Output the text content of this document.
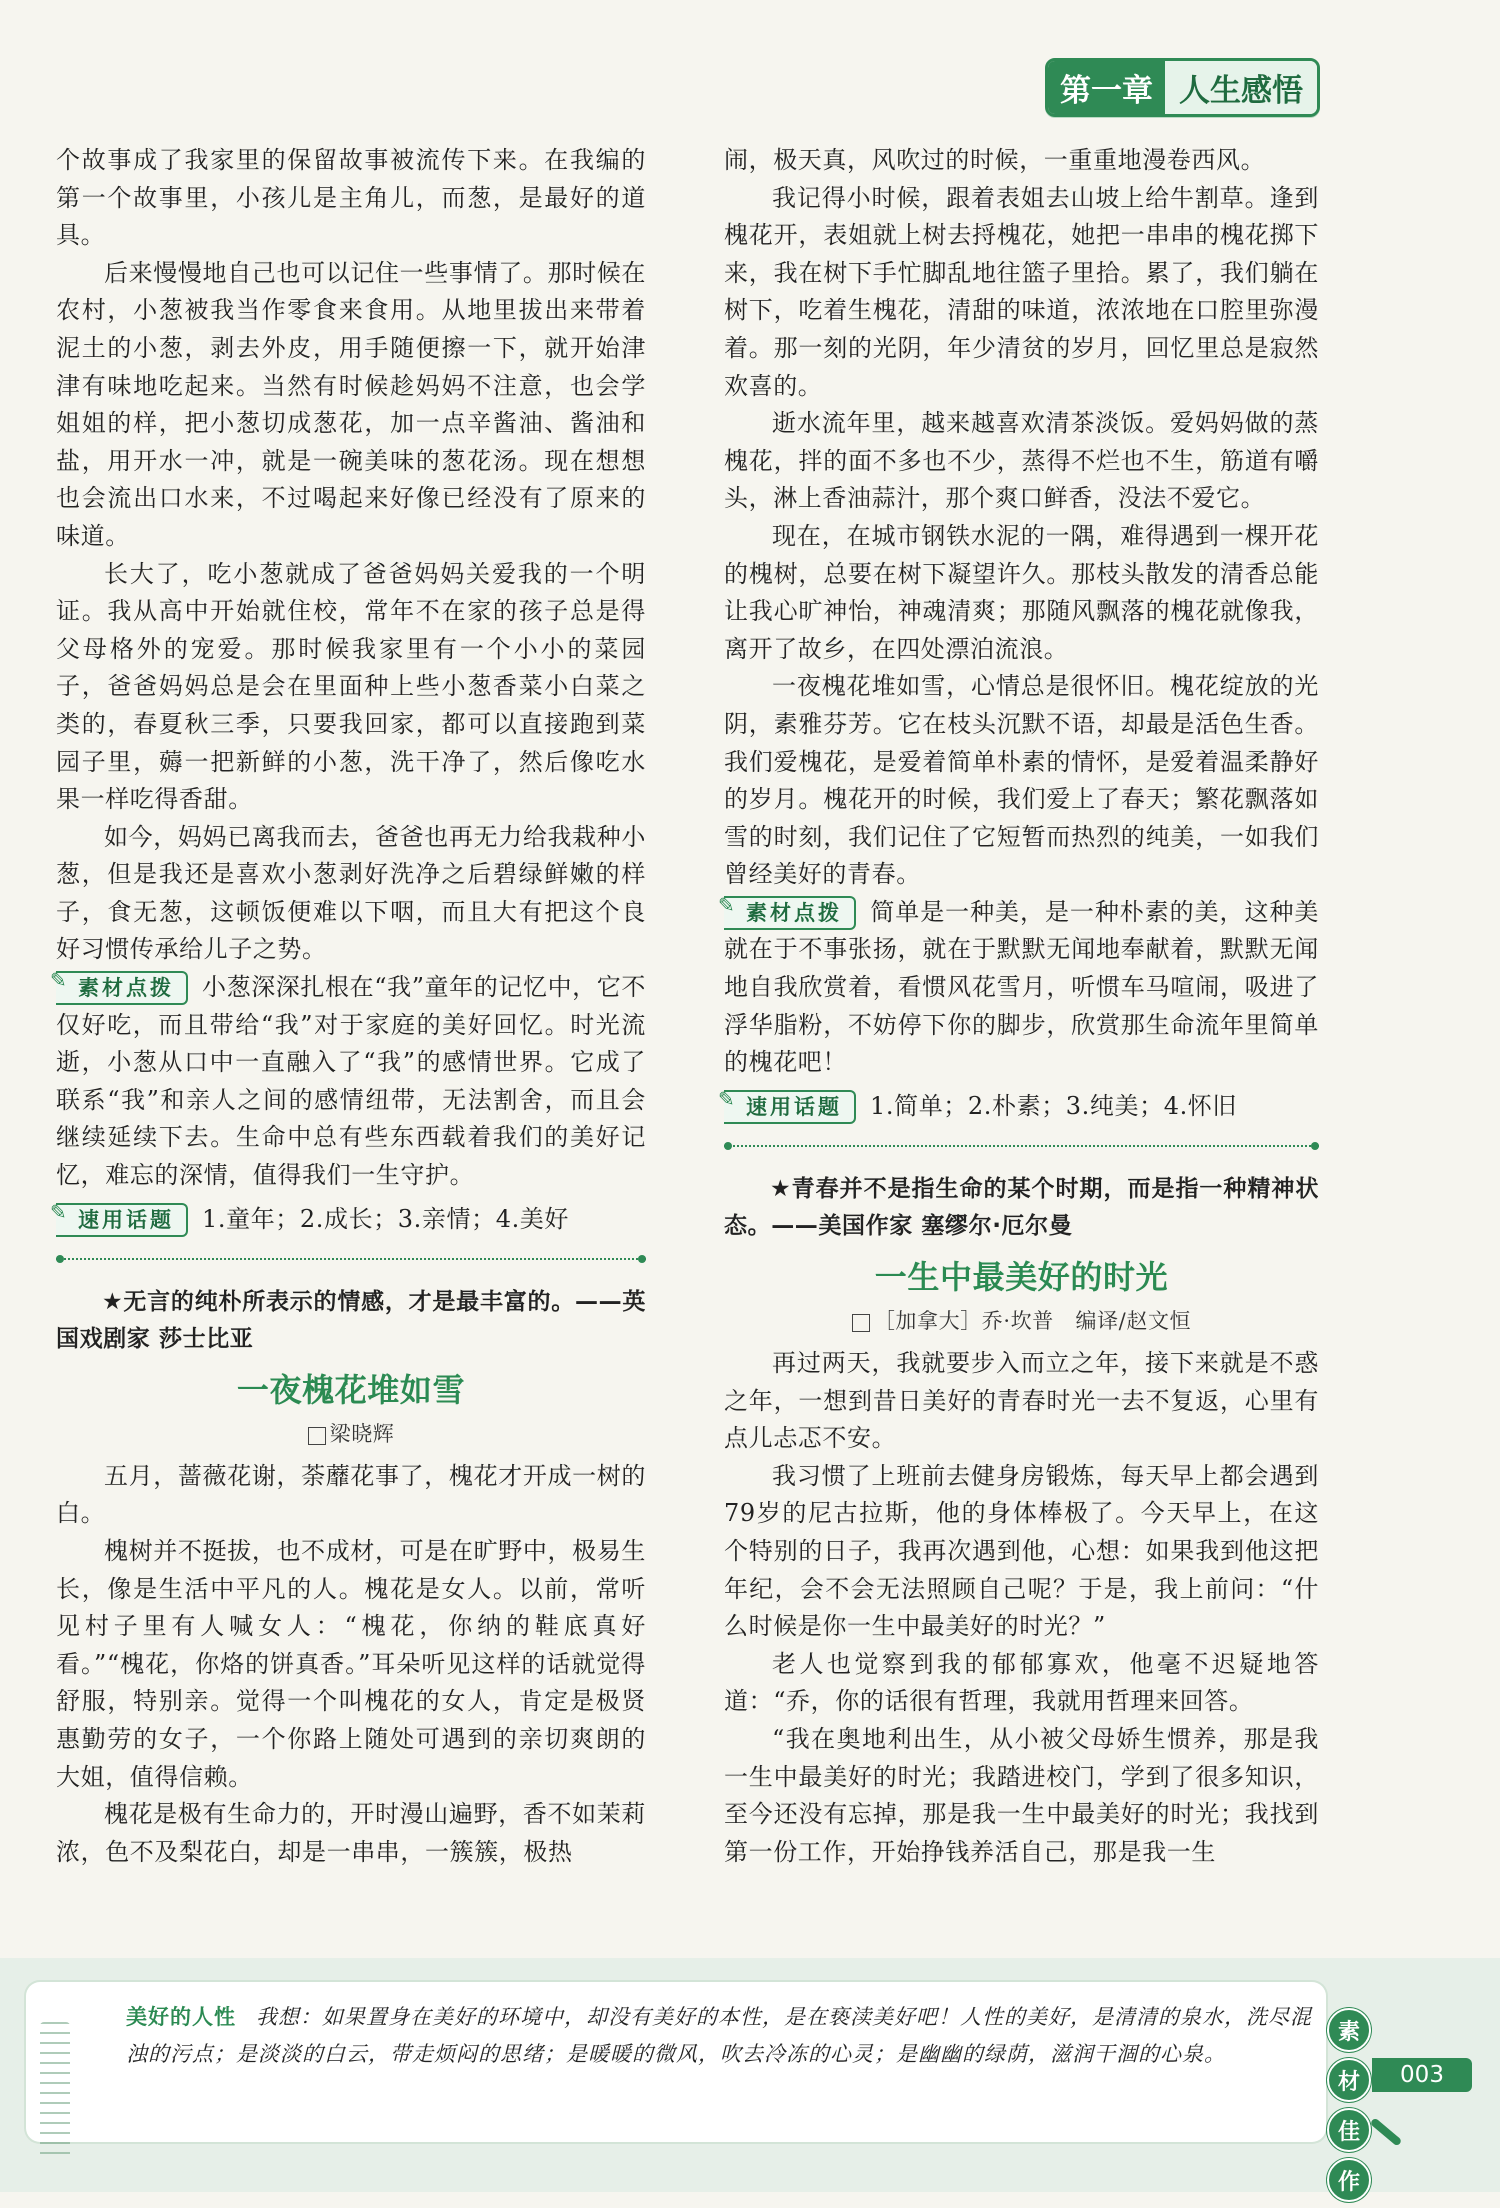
第一章 人生感悟

个故事成了我家里的保留故事被流传下来。在我编的第一个故事里，小孩儿是主角儿，而葱，是最好的道具。

后来慢慢地自己也可以记住一些事情了。那时候在农村，小葱被我当作零食来食用。从地里拔出来带着泥土的小葱，剥去外皮，用手随便擦一下，就开始津津有味地吃起来。当然有时候趁妈妈不注意，也会学姐姐的样，把小葱切成葱花，加一点辛酱油、酱油和盐，用开水一冲，就是一碗美味的葱花汤。现在想想也会流出口水来，不过喝起来好像已经没有了原来的味道。

长大了，吃小葱就成了爸爸妈妈关爱我的一个明证。我从高中开始就住校，常年不在家的孩子总是得父母格外的宠爱。那时候我家里有一个小小的菜园子，爸爸妈妈总是会在里面种上些小葱香菜小白菜之类的，春夏秋三季，只要我回家，都可以直接跑到菜园子里，薅一把新鲜的小葱，洗干净了，然后像吃水果一样吃得香甜。

如今，妈妈已离我而去，爸爸也再无力给我栽种小葱，但是我还是喜欢小葱剥好洗净之后碧绿鲜嫩的样子，食无葱，这顿饭便难以下咽，而且大有把这个良好习惯传承给儿子之势。

✎ 素材点拨 小葱深深扎根在“我”童年的记忆中，它不仅好吃，而且带给“我”对于家庭的美好回忆。时光流逝，小葱从口中一直融入了“我”的感情世界。它成了联系“我”和亲人之间的感情纽带，无法割舍，而且会继续延续下去。生命中总有些东西载着我们的美好记忆，难忘的深情，值得我们一生守护。

✎ 速用话题 1.童年；2.成长；3.亲情；4.美好

★无言的纯朴所表示的情感，才是最丰富的。——英国戏剧家 莎士比亚

一夜槐花堆如雪
梁晓辉

五月，蔷薇花谢，荼蘼花事了，槐花才开成一树的白。

槐树并不挺拔，也不成材，可是在旷野中，极易生长，像是生活中平凡的人。槐花是女人。以前，常听见村子里有人喊女人：“槐花，你纳的鞋底真好看。”“槐花，你烙的饼真香。”耳朵听见这样的话就觉得舒服，特别亲。觉得一个叫槐花的女人，肯定是极贤惠勤劳的女子，一个你路上随处可遇到的亲切爽朗的大姐，值得信赖。

槐花是极有生命力的，开时漫山遍野，香不如茉莉浓，色不及梨花白，却是一串串，一簇簇，极热

闹，极天真，风吹过的时候，一重重地漫卷西风。

我记得小时候，跟着表姐去山坡上给牛割草。逢到槐花开，表姐就上树去捋槐花，她把一串串的槐花掷下来，我在树下手忙脚乱地往篮子里拾。累了，我们躺在树下，吃着生槐花，清甜的味道，浓浓地在口腔里弥漫着。那一刻的光阴，年少清贫的岁月，回忆里总是寂然欢喜的。

逝水流年里，越来越喜欢清茶淡饭。爱妈妈做的蒸槐花，拌的面不多也不少，蒸得不烂也不生，筋道有嚼头，淋上香油蒜汁，那个爽口鲜香，没法不爱它。

现在，在城市钢铁水泥的一隅，难得遇到一棵开花的槐树，总要在树下凝望许久。那枝头散发的清香总能让我心旷神怡，神魂清爽；那随风飘落的槐花就像我，离开了故乡，在四处漂泊流浪。

一夜槐花堆如雪，心情总是很怀旧。槐花绽放的光阴，素雅芬芳。它在枝头沉默不语，却最是活色生香。我们爱槐花，是爱着简单朴素的情怀，是爱着温柔静好的岁月。槐花开的时候，我们爱上了春天；繁花飘落如雪的时刻，我们记住了它短暂而热烈的纯美，一如我们曾经美好的青春。

✎ 素材点拨 简单是一种美，是一种朴素的美，这种美就在于不事张扬，就在于默默无闻地奉献着，默默无闻地自我欣赏着，看惯风花雪月，听惯车马喧闹，吸进了浮华脂粉，不妨停下你的脚步，欣赏那生命流年里简单的槐花吧！

✎ 速用话题 1.简单；2.朴素；3.纯美；4.怀旧

★青春并不是指生命的某个时期，而是指一种精神状态。——美国作家 塞缪尔·厄尔曼

一生中最美好的时光
［加拿大］乔·坎普　编译/赵文恒

再过两天，我就要步入而立之年，接下来就是不惑之年，一想到昔日美好的青春时光一去不复返，心里有点儿忐忑不安。

我习惯了上班前去健身房锻炼，每天早上都会遇到79岁的尼古拉斯，他的身体棒极了。今天早上，在这个特别的日子，我再次遇到他，心想：如果我到他这把年纪，会不会无法照顾自己呢？于是，我上前问：“什么时候是你一生中最美好的时光？”

老人也觉察到我的郁郁寡欢，他毫不迟疑地答道：“乔，你的话很有哲理，我就用哲理来回答。

“我在奥地利出生，从小被父母娇生惯养，那是我一生中最美好的时光；我踏进校门，学到了很多知识，至今还没有忘掉，那是我一生中最美好的时光；我找到第一份工作，开始挣钱养活自己，那是我一生

美好的人性 我想：如果置身在美好的环境中，却没有美好的本性，是在亵渎美好吧！人性的美好，是清清的泉水，洗尽混浊的污点；是淡淡的白云，带走烦闷的思绪；是暖暖的微风，吹去冷冻的心灵；是幽幽的绿荫，滋润干涸的心泉。
素
材
佳
作
003
